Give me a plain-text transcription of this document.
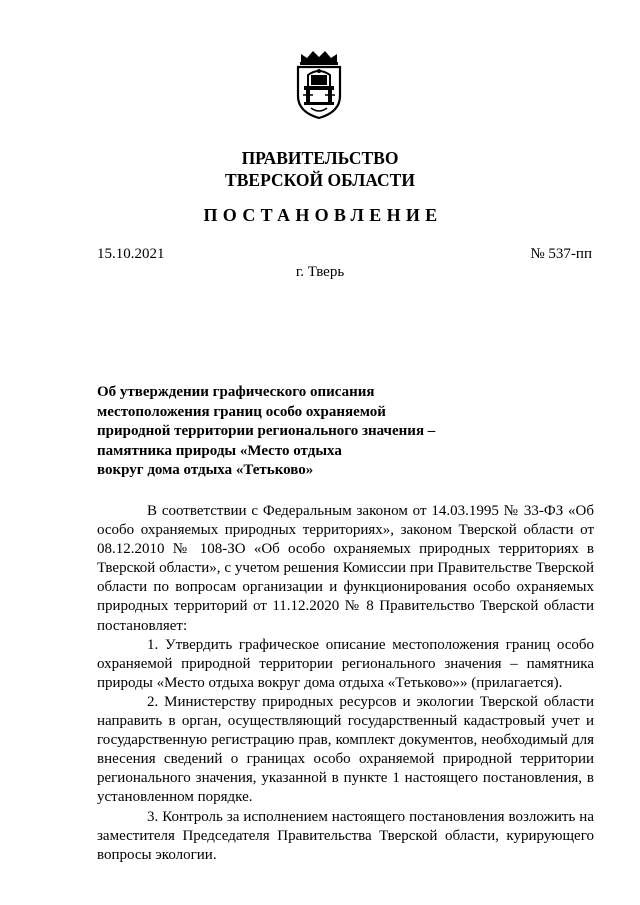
ПРАВИТЕЛЬСТВО
ТВЕРСКОЙ ОБЛАСТИ
ПОСТАНОВЛЕНИЕ
15.10.2021	№ 537-пп
г. Тверь
Об утверждении графического описания
местоположения границ особо охраняемой
природной территории регионального значения –
памятника природы «Место отдыха
вокруг дома отдыха «Тетьково»

В соответствии с Федеральным законом от 14.03.1995 № 33-ФЗ «Об особо охраняемых природных территориях», законом Тверской области от 08.12.2010 № 108-ЗО «Об особо охраняемых природных территориях в Тверской области», с учетом решения Комиссии при Правительстве Тверской области по вопросам организации и функционирования особо охраняемых природных территорий от 11.12.2020 № 8 Правительство Тверской области постановляет:

1. Утвердить графическое описание местоположения границ особо охраняемой природной территории регионального значения – памятника природы «Место отдыха вокруг дома отдыха «Тетьково»» (прилагается).

2. Министерству природных ресурсов и экологии Тверской области направить в орган, осуществляющий государственный кадастровый учет и государственную регистрацию прав, комплект документов, необходимый для внесения сведений о границах особо охраняемой природной территории регионального значения, указанной в пункте 1 настоящего постановления, в установленном порядке.

3. Контроль за исполнением настоящего постановления возложить на заместителя Председателя Правительства Тверской области, курирующего вопросы экологии.
